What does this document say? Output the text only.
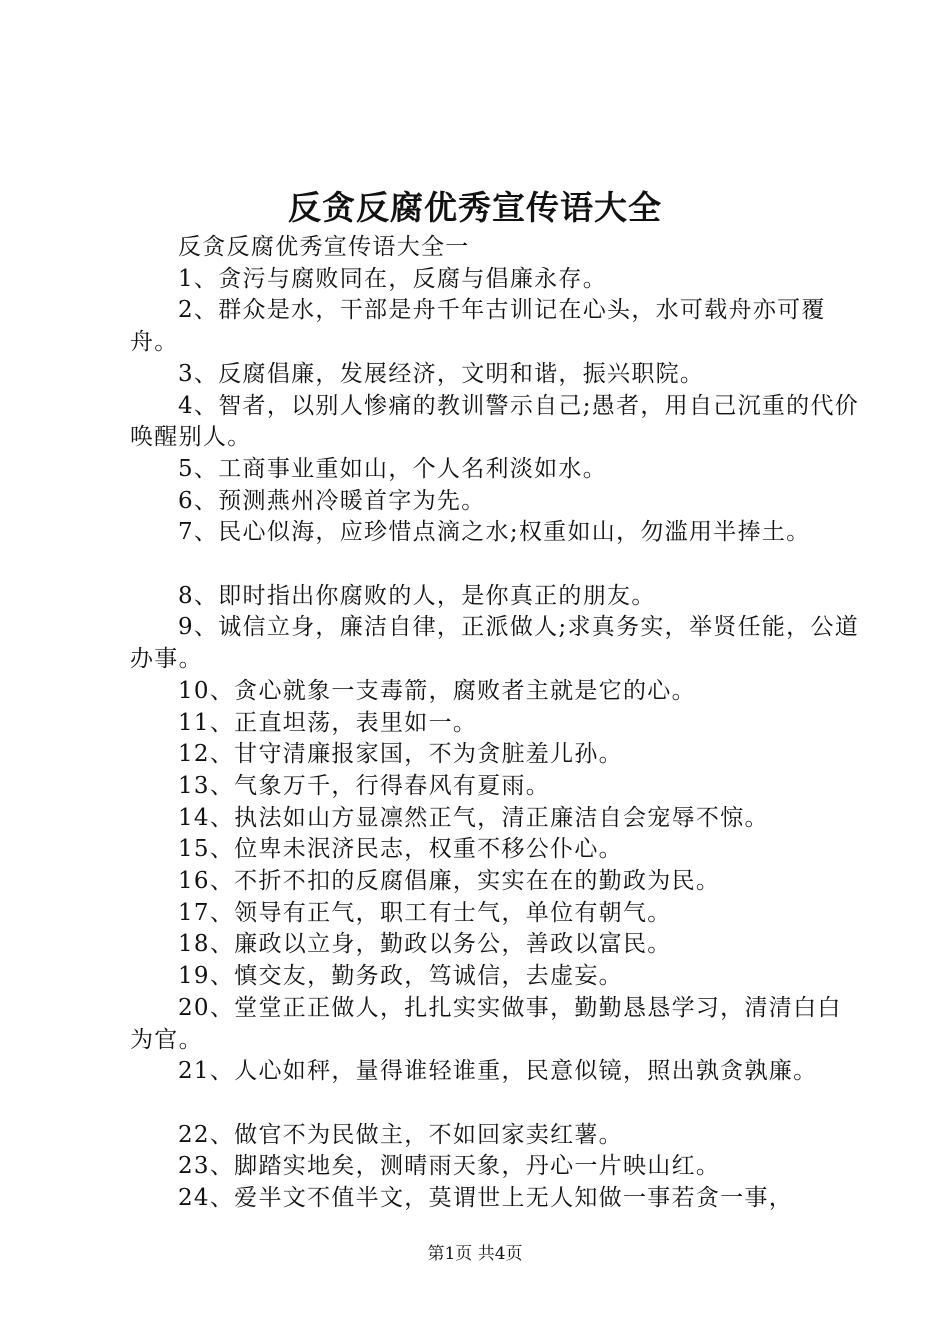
反贪反腐优秀宣传语大全

反贪反腐优秀宣传语大全一

1、贪污与腐败同在，反腐与倡廉永存。

2、群众是水，干部是舟千年古训记在心头，水可载舟亦可覆舟。

3、反腐倡廉，发展经济，文明和谐，振兴职院。

4、智者，以别人惨痛的教训警示自己;愚者，用自己沉重的代价唤醒别人。

5、工商事业重如山，个人名利淡如水。

6、预测燕州冷暖首字为先。

7、民心似海，应珍惜点滴之水;权重如山，勿滥用半捧土。

8、即时指出你腐败的人，是你真正的朋友。

9、诚信立身，廉洁自律，正派做人;求真务实，举贤任能，公道办事。

10、贪心就象一支毒箭，腐败者主就是它的心。

11、正直坦荡，表里如一。

12、甘守清廉报家国，不为贪脏羞儿孙。

13、气象万千，行得春风有夏雨。

14、执法如山方显凛然正气，清正廉洁自会宠辱不惊。

15、位卑未泯济民志，权重不移公仆心。

16、不折不扣的反腐倡廉，实实在在的勤政为民。

17、领导有正气，职工有士气，单位有朝气。

18、廉政以立身，勤政以务公，善政以富民。

19、慎交友，勤务政，笃诚信，去虚妄。

20、堂堂正正做人，扎扎实实做事，勤勤恳恳学习，清清白白为官。

21、人心如秤，量得谁轻谁重，民意似镜，照出孰贪孰廉。

22、做官不为民做主，不如回家卖红薯。

23、脚踏实地矣，测晴雨天象，丹心一片映山红。

24、爱半文不值半文，莫谓世上无人知做一事若贪一事，

第1页 共4页
